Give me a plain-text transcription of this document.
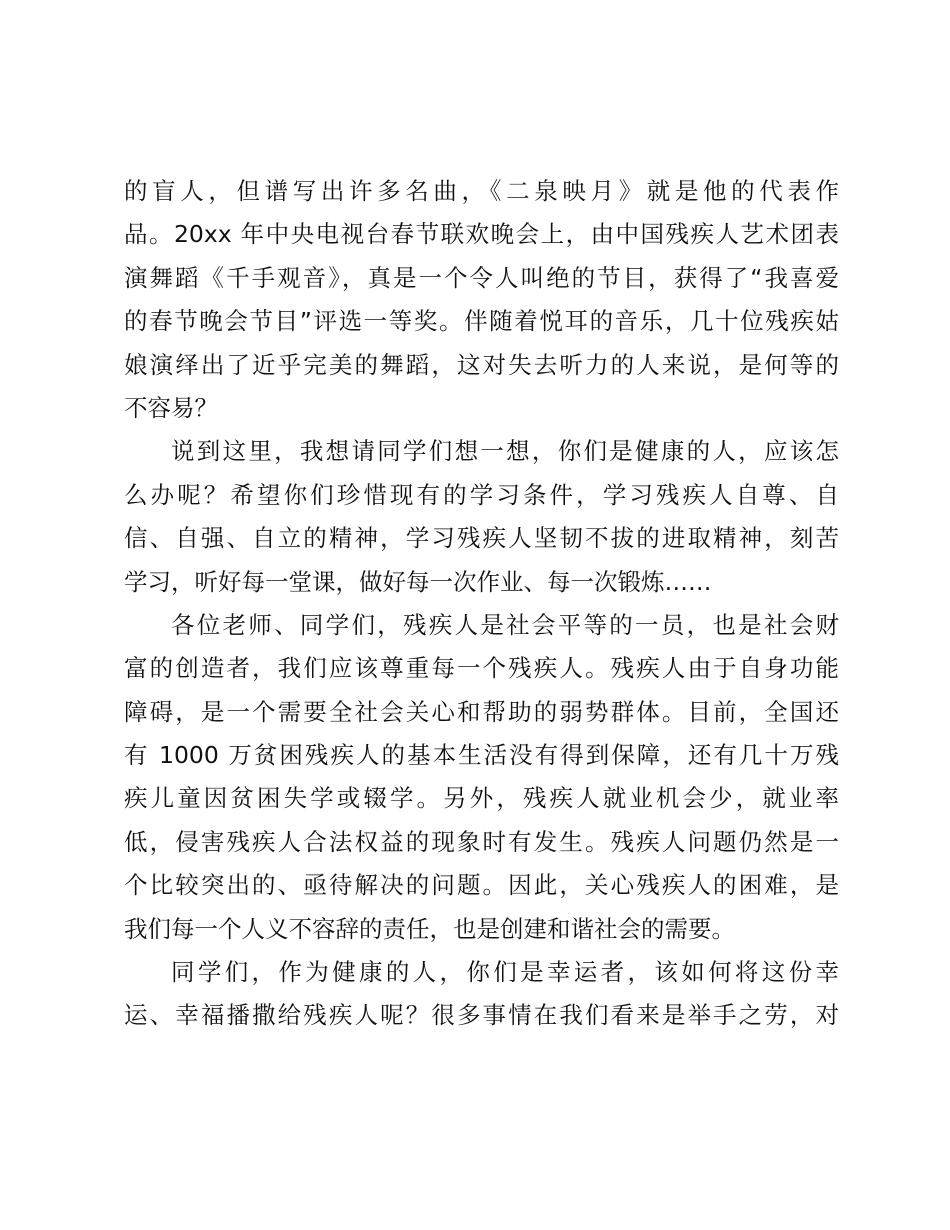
的盲人，但谱写出许多名曲，《二泉映月》就是他的代表作
品。20xx 年中央电视台春节联欢晚会上，由中国残疾人艺术团表
演舞蹈《千手观音》，真是一个令人叫绝的节目，获得了“我喜爱
的春节晚会节目”评选一等奖。伴随着悦耳的音乐，几十位残疾姑
娘演绎出了近乎完美的舞蹈，这对失去听力的人来说，是何等的
不容易？
说到这里，我想请同学们想一想，你们是健康的人，应该怎
么办呢？希望你们珍惜现有的学习条件，学习残疾人自尊、自
信、自强、自立的精神，学习残疾人坚韧不拔的进取精神，刻苦
学习，听好每一堂课，做好每一次作业、每一次锻炼……
各位老师、同学们，残疾人是社会平等的一员，也是社会财
富的创造者，我们应该尊重每一个残疾人。残疾人由于自身功能
障碍，是一个需要全社会关心和帮助的弱势群体。目前，全国还
有 1000 万贫困残疾人的基本生活没有得到保障，还有几十万残
疾儿童因贫困失学或辍学。另外，残疾人就业机会少，就业率
低，侵害残疾人合法权益的现象时有发生。残疾人问题仍然是一
个比较突出的、亟待解决的问题。因此，关心残疾人的困难，是
我们每一个人义不容辞的责任，也是创建和谐社会的需要。
同学们，作为健康的人，你们是幸运者，该如何将这份幸
运、幸福播撒给残疾人呢？很多事情在我们看来是举手之劳，对
